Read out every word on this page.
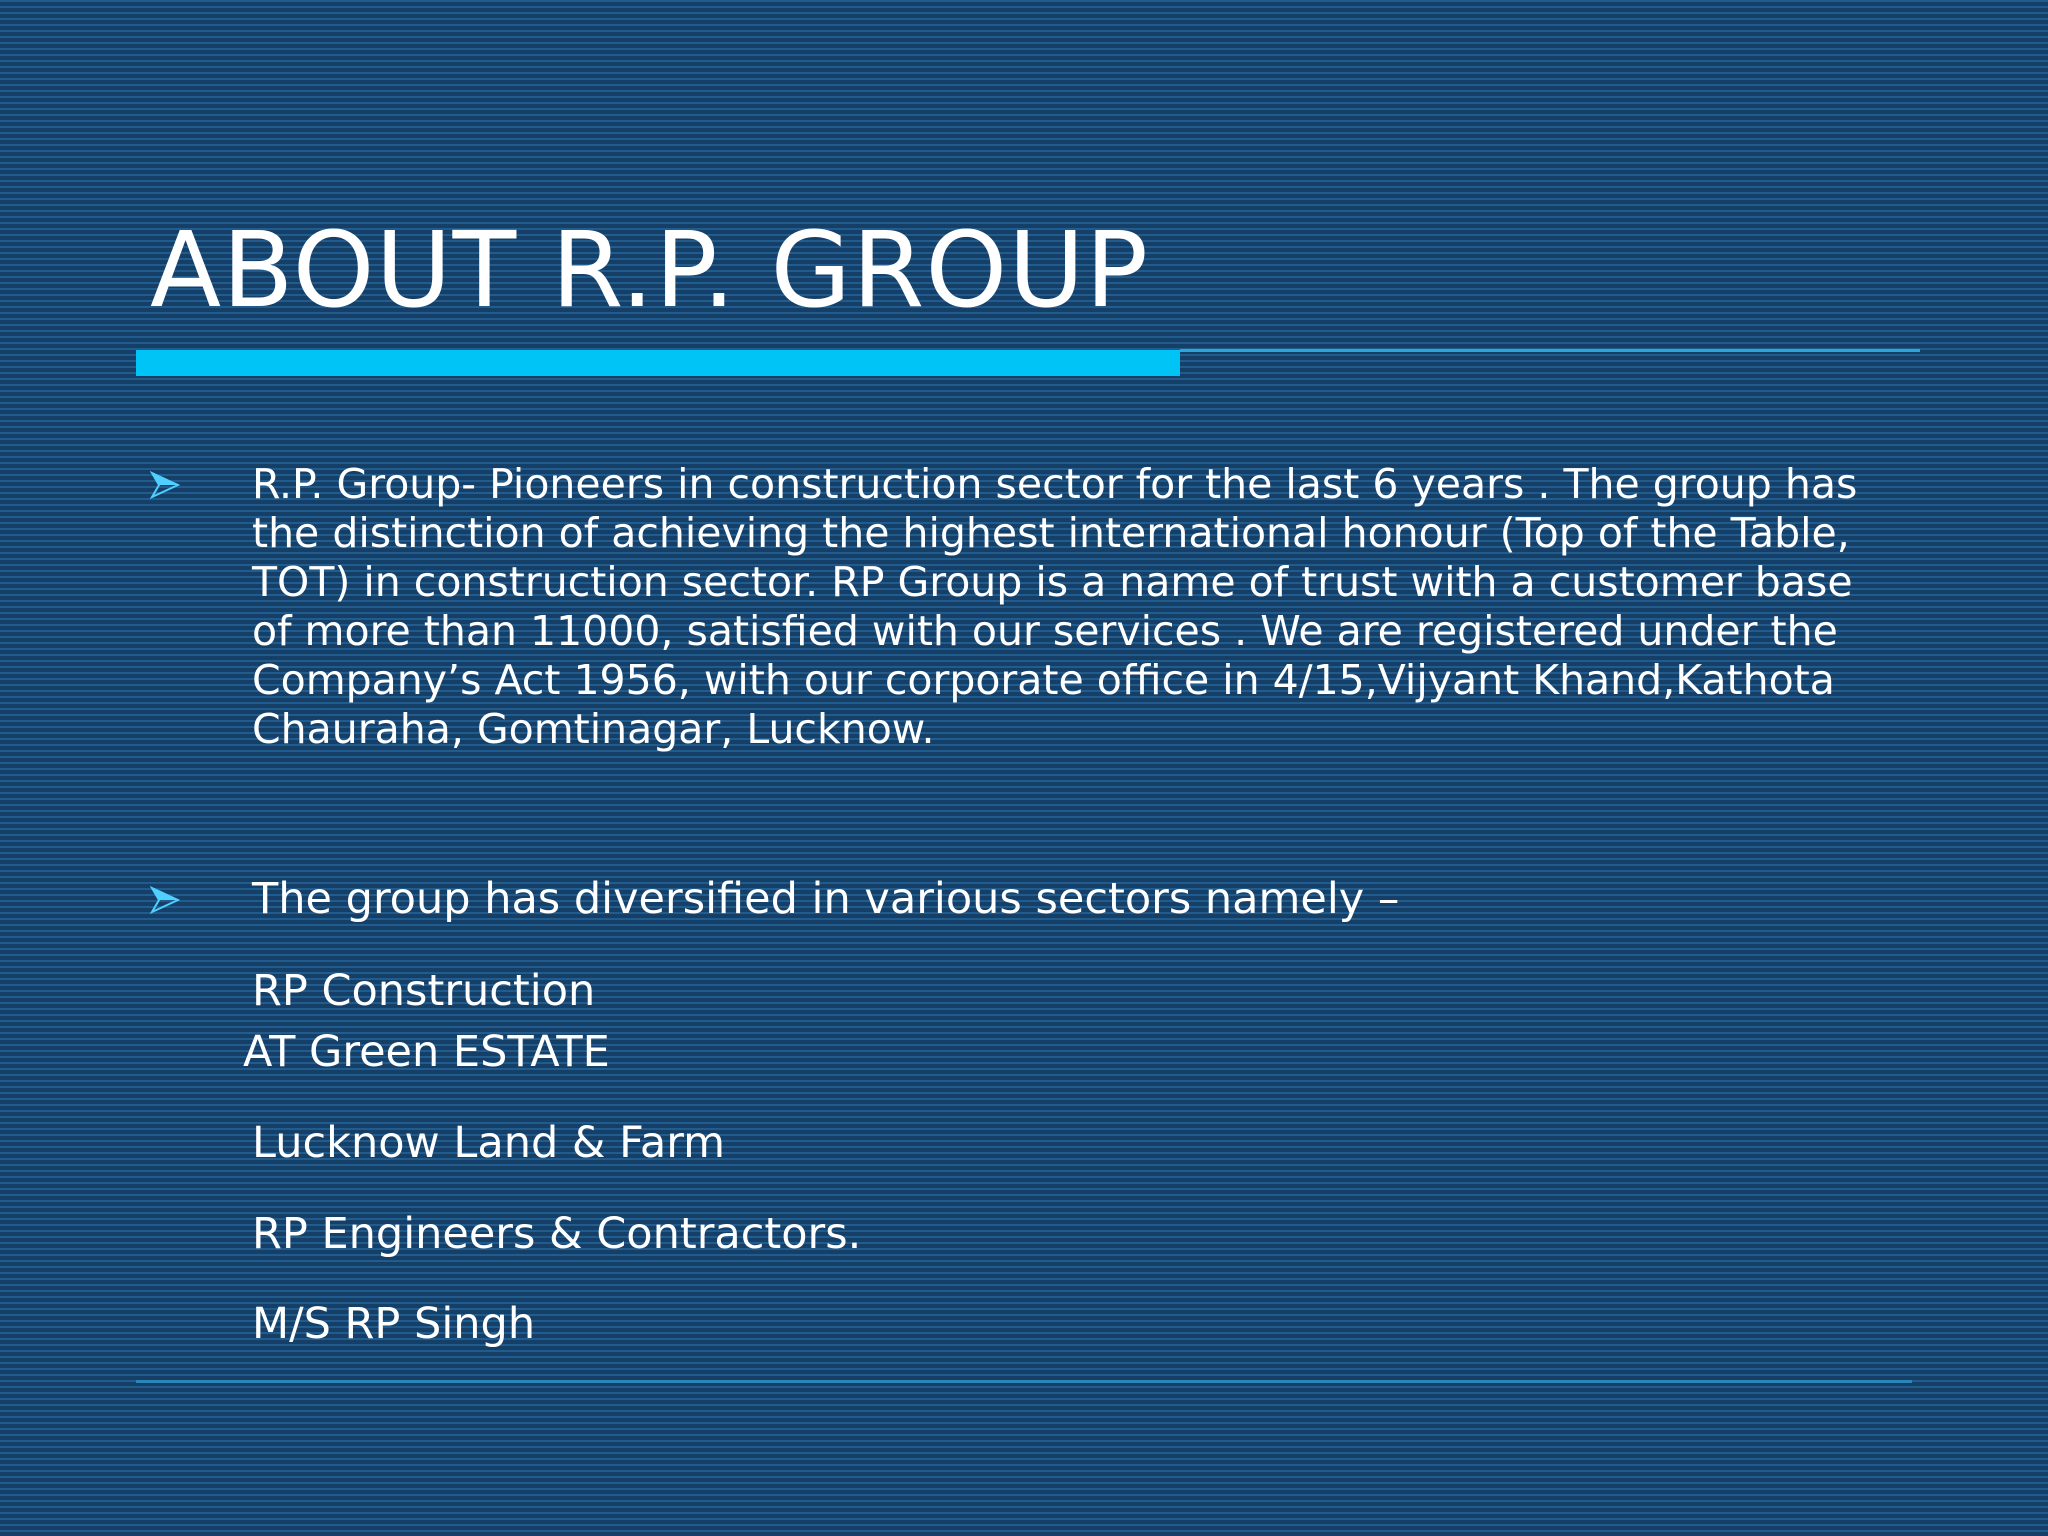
ABOUT R.P. GROUP
R.P. Group- Pioneers in construction sector for the last 6 years . The group has the distinction of achieving the highest international honour (Top of the Table, TOT) in construction sector. RP Group is a name of trust with a customer base of more than 11000, satisfied with our services . We are registered under the Company’s Act 1956, with our corporate office in 4/15,Vijyant Khand,Kathota Chauraha, Gomtinagar, Lucknow.
The group has diversified in various sectors namely –
RP Construction
AT Green ESTATE
Lucknow Land & Farm
RP Engineers & Contractors.
M/S RP Singh
